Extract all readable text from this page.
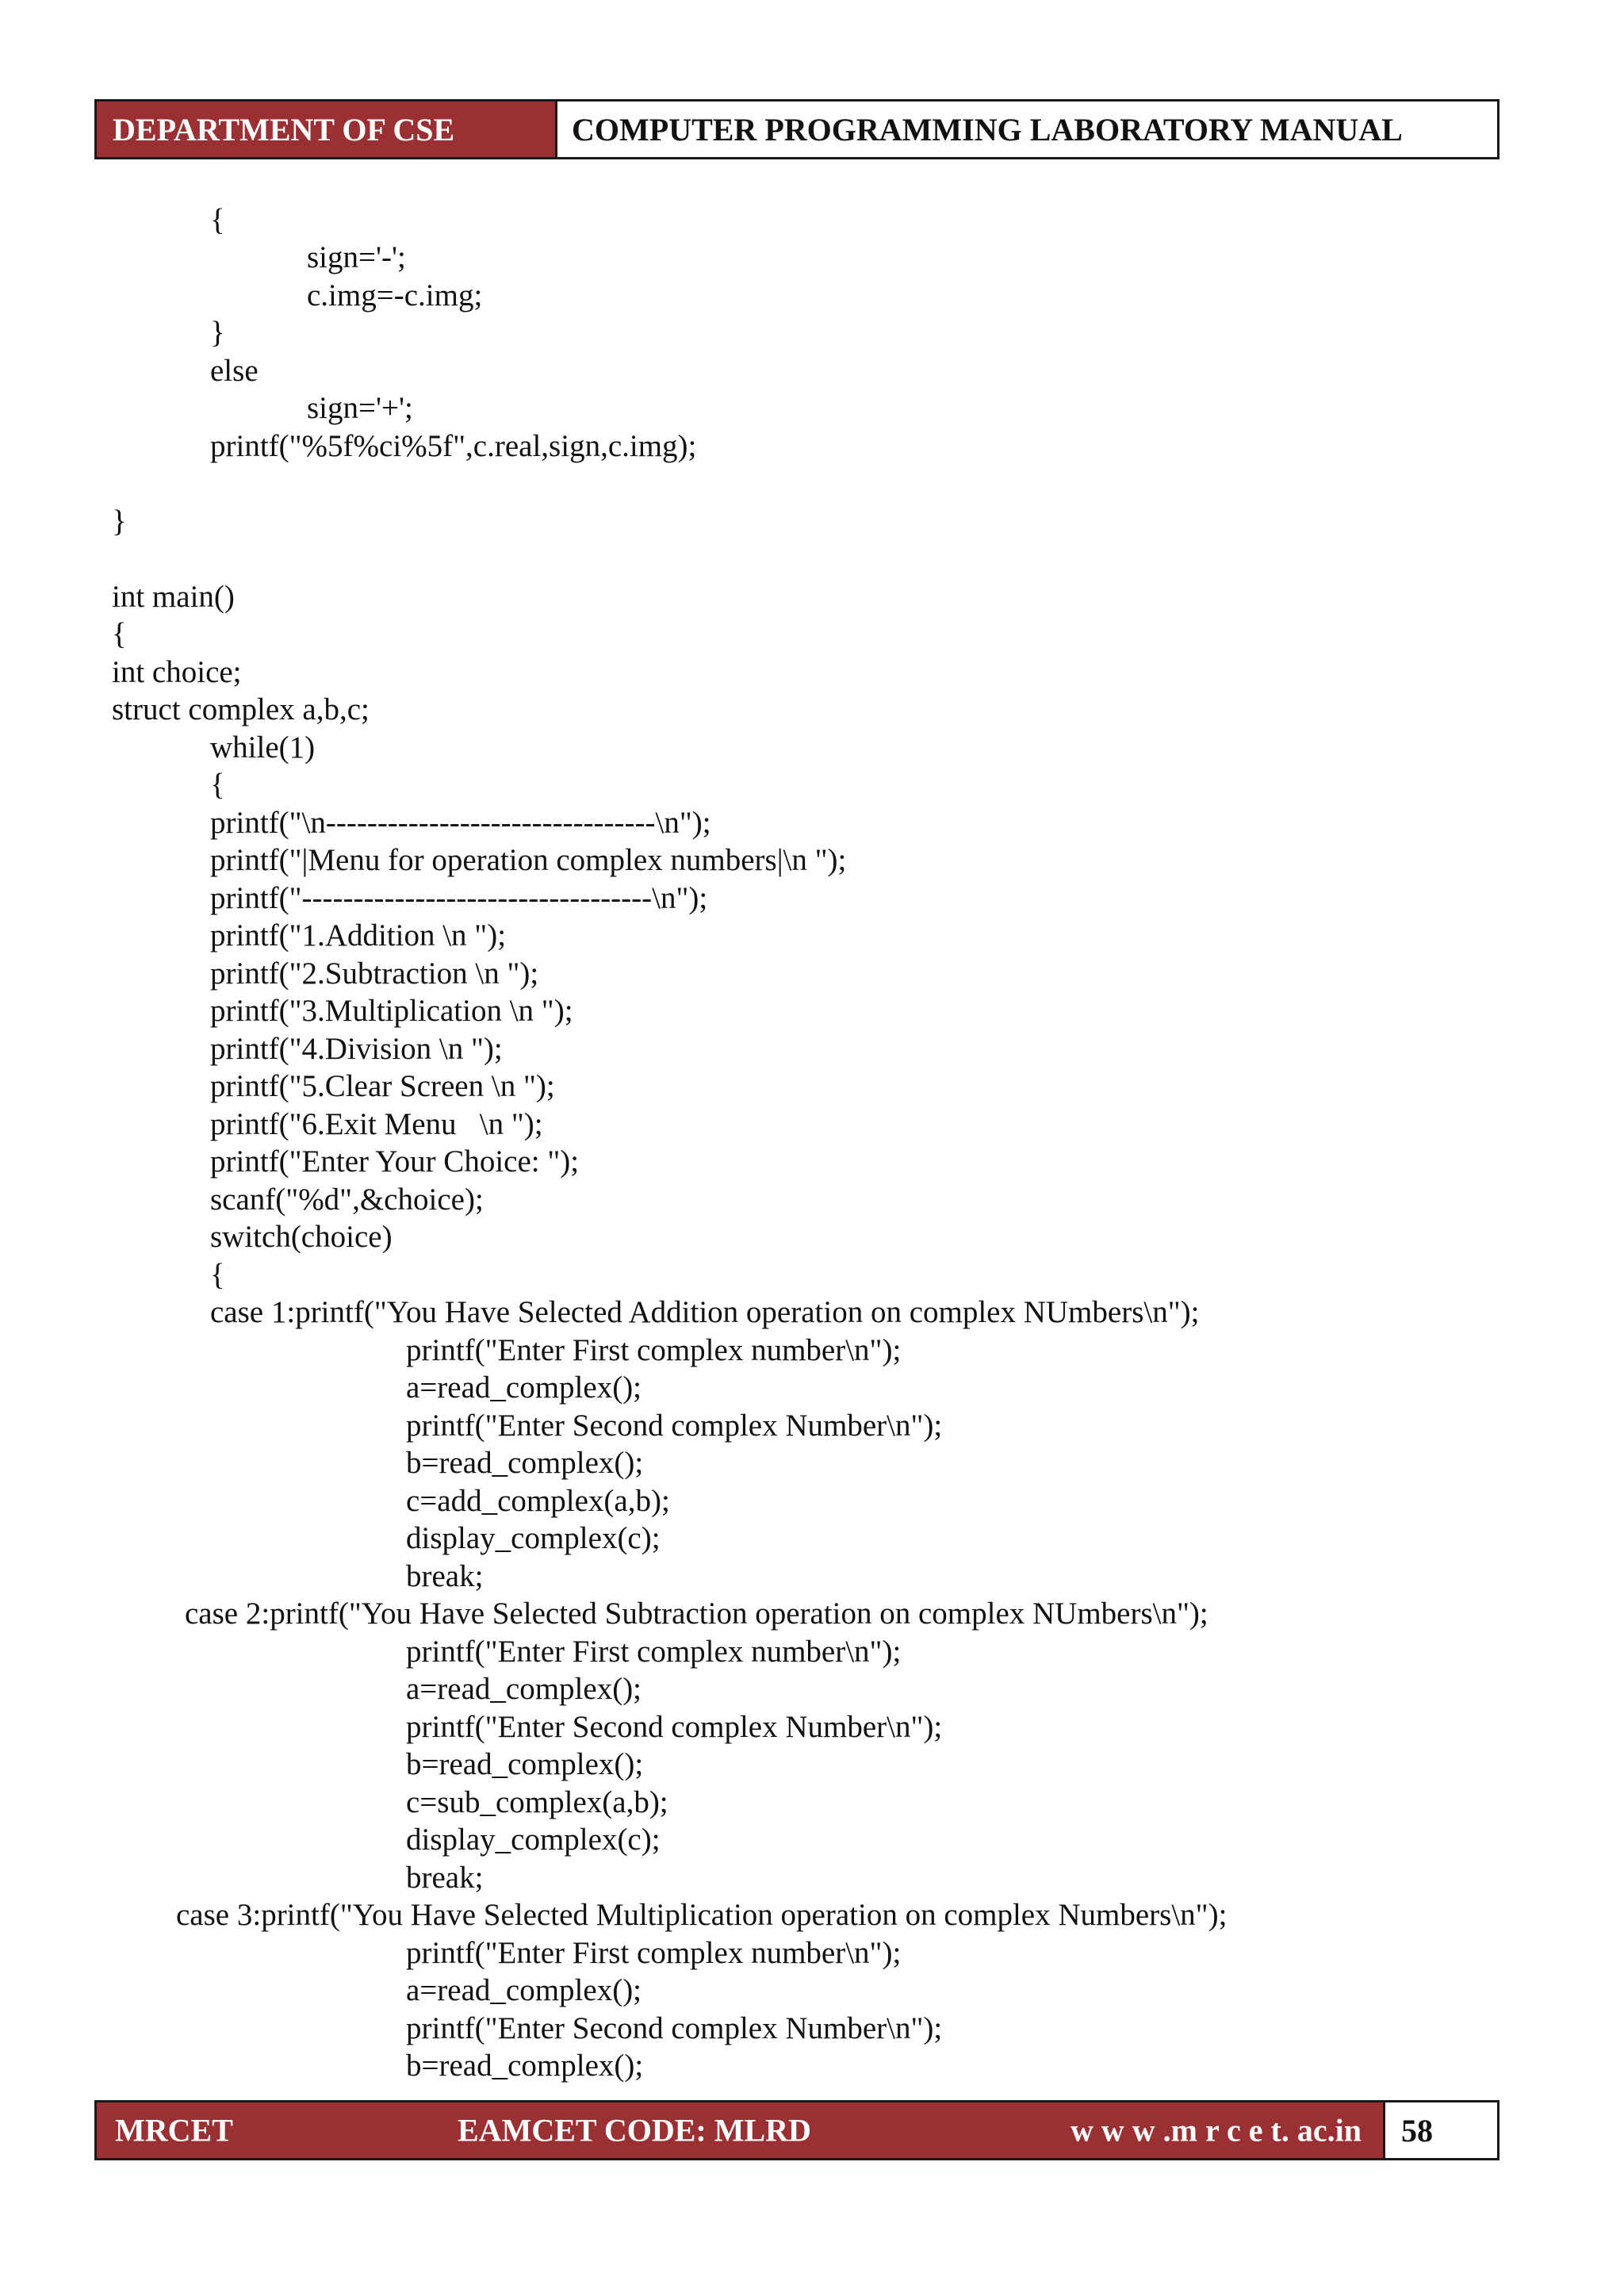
DEPARTMENT OF CSE	COMPUTER PROGRAMMING LABORATORY MANUAL
{
sign='-';
c.img=-c.img;
}
else
sign='+';
printf("%5f%ci%5f",c.real,sign,c.img);
}
int main()
{
int choice;
struct complex a,b,c;
while(1)
{
printf("\n--------------------------------\n");
printf("|Menu for operation complex numbers|\n ");
printf("----------------------------------\n");
printf("1.Addition \n ");
printf("2.Subtraction \n ");
printf("3.Multiplication \n ");
printf("4.Division \n ");
printf("5.Clear Screen \n ");
printf("6.Exit Menu   \n ");
printf("Enter Your Choice: ");
scanf("%d",&choice);
switch(choice)
{
case 1:printf("You Have Selected Addition operation on complex NUmbers\n");
printf("Enter First complex number\n");
a=read_complex();
printf("Enter Second complex Number\n");
b=read_complex();
c=add_complex(a,b);
display_complex(c);
break;
case 2:printf("You Have Selected Subtraction operation on complex NUmbers\n");
printf("Enter First complex number\n");
a=read_complex();
printf("Enter Second complex Number\n");
b=read_complex();
c=sub_complex(a,b);
display_complex(c);
break;
case 3:printf("You Have Selected Multiplication operation on complex Numbers\n");
printf("Enter First complex number\n");
a=read_complex();
printf("Enter Second complex Number\n");
b=read_complex();
MRCET	EAMCET CODE: MLRD	w w w .m r c e t. ac.in	58
